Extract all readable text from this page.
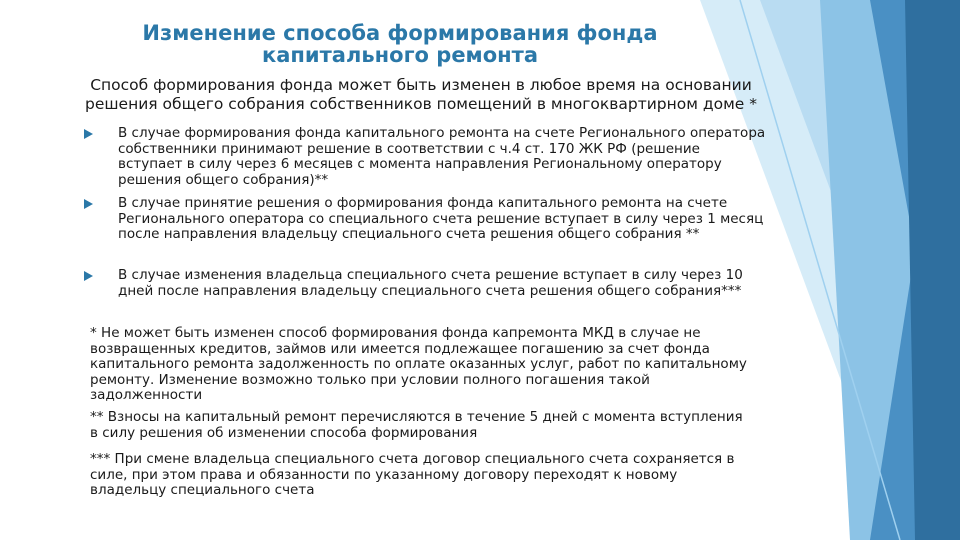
Изменение способа формирования фонда капитального ремонта
Способ формирования фонда может быть изменен в любое время на основании решения общего собрания собственников помещений в многоквартирном доме *
В случае формирования фонда капитального ремонта на счете Регионального оператора собственники принимают решение в соответствии с ч.4 ст. 170 ЖК РФ (решение вступает в силу через 6 месяцев с момента направления Региональному оператору решения общего собрания)**
В случае принятие решения о формирования фонда капитального ремонта на счете Регионального оператора со специального счета решение вступает в силу через 1 месяц после направления владельцу специального счета решения общего собрания **
В случае изменения владельца специального счета решение вступает в силу через 10 дней после направления владельцу специального счета решения общего собрания***
* Не может быть изменен способ формирования фонда капремонта МКД в случае не возвращенных кредитов, займов или имеется подлежащее погашению за счет фонда капитального ремонта задолженность по оплате оказанных услуг, работ по капитальному ремонту. Изменение возможно только при условии полного погашения такой задолженности
** Взносы на капитальный ремонт перечисляются в течение 5 дней с момента вступления в силу решения об изменении способа формирования
*** При смене владельца специального счета договор специального счета сохраняется в силе, при этом права и обязанности по указанному договору переходят к новому владельцу специального счета
